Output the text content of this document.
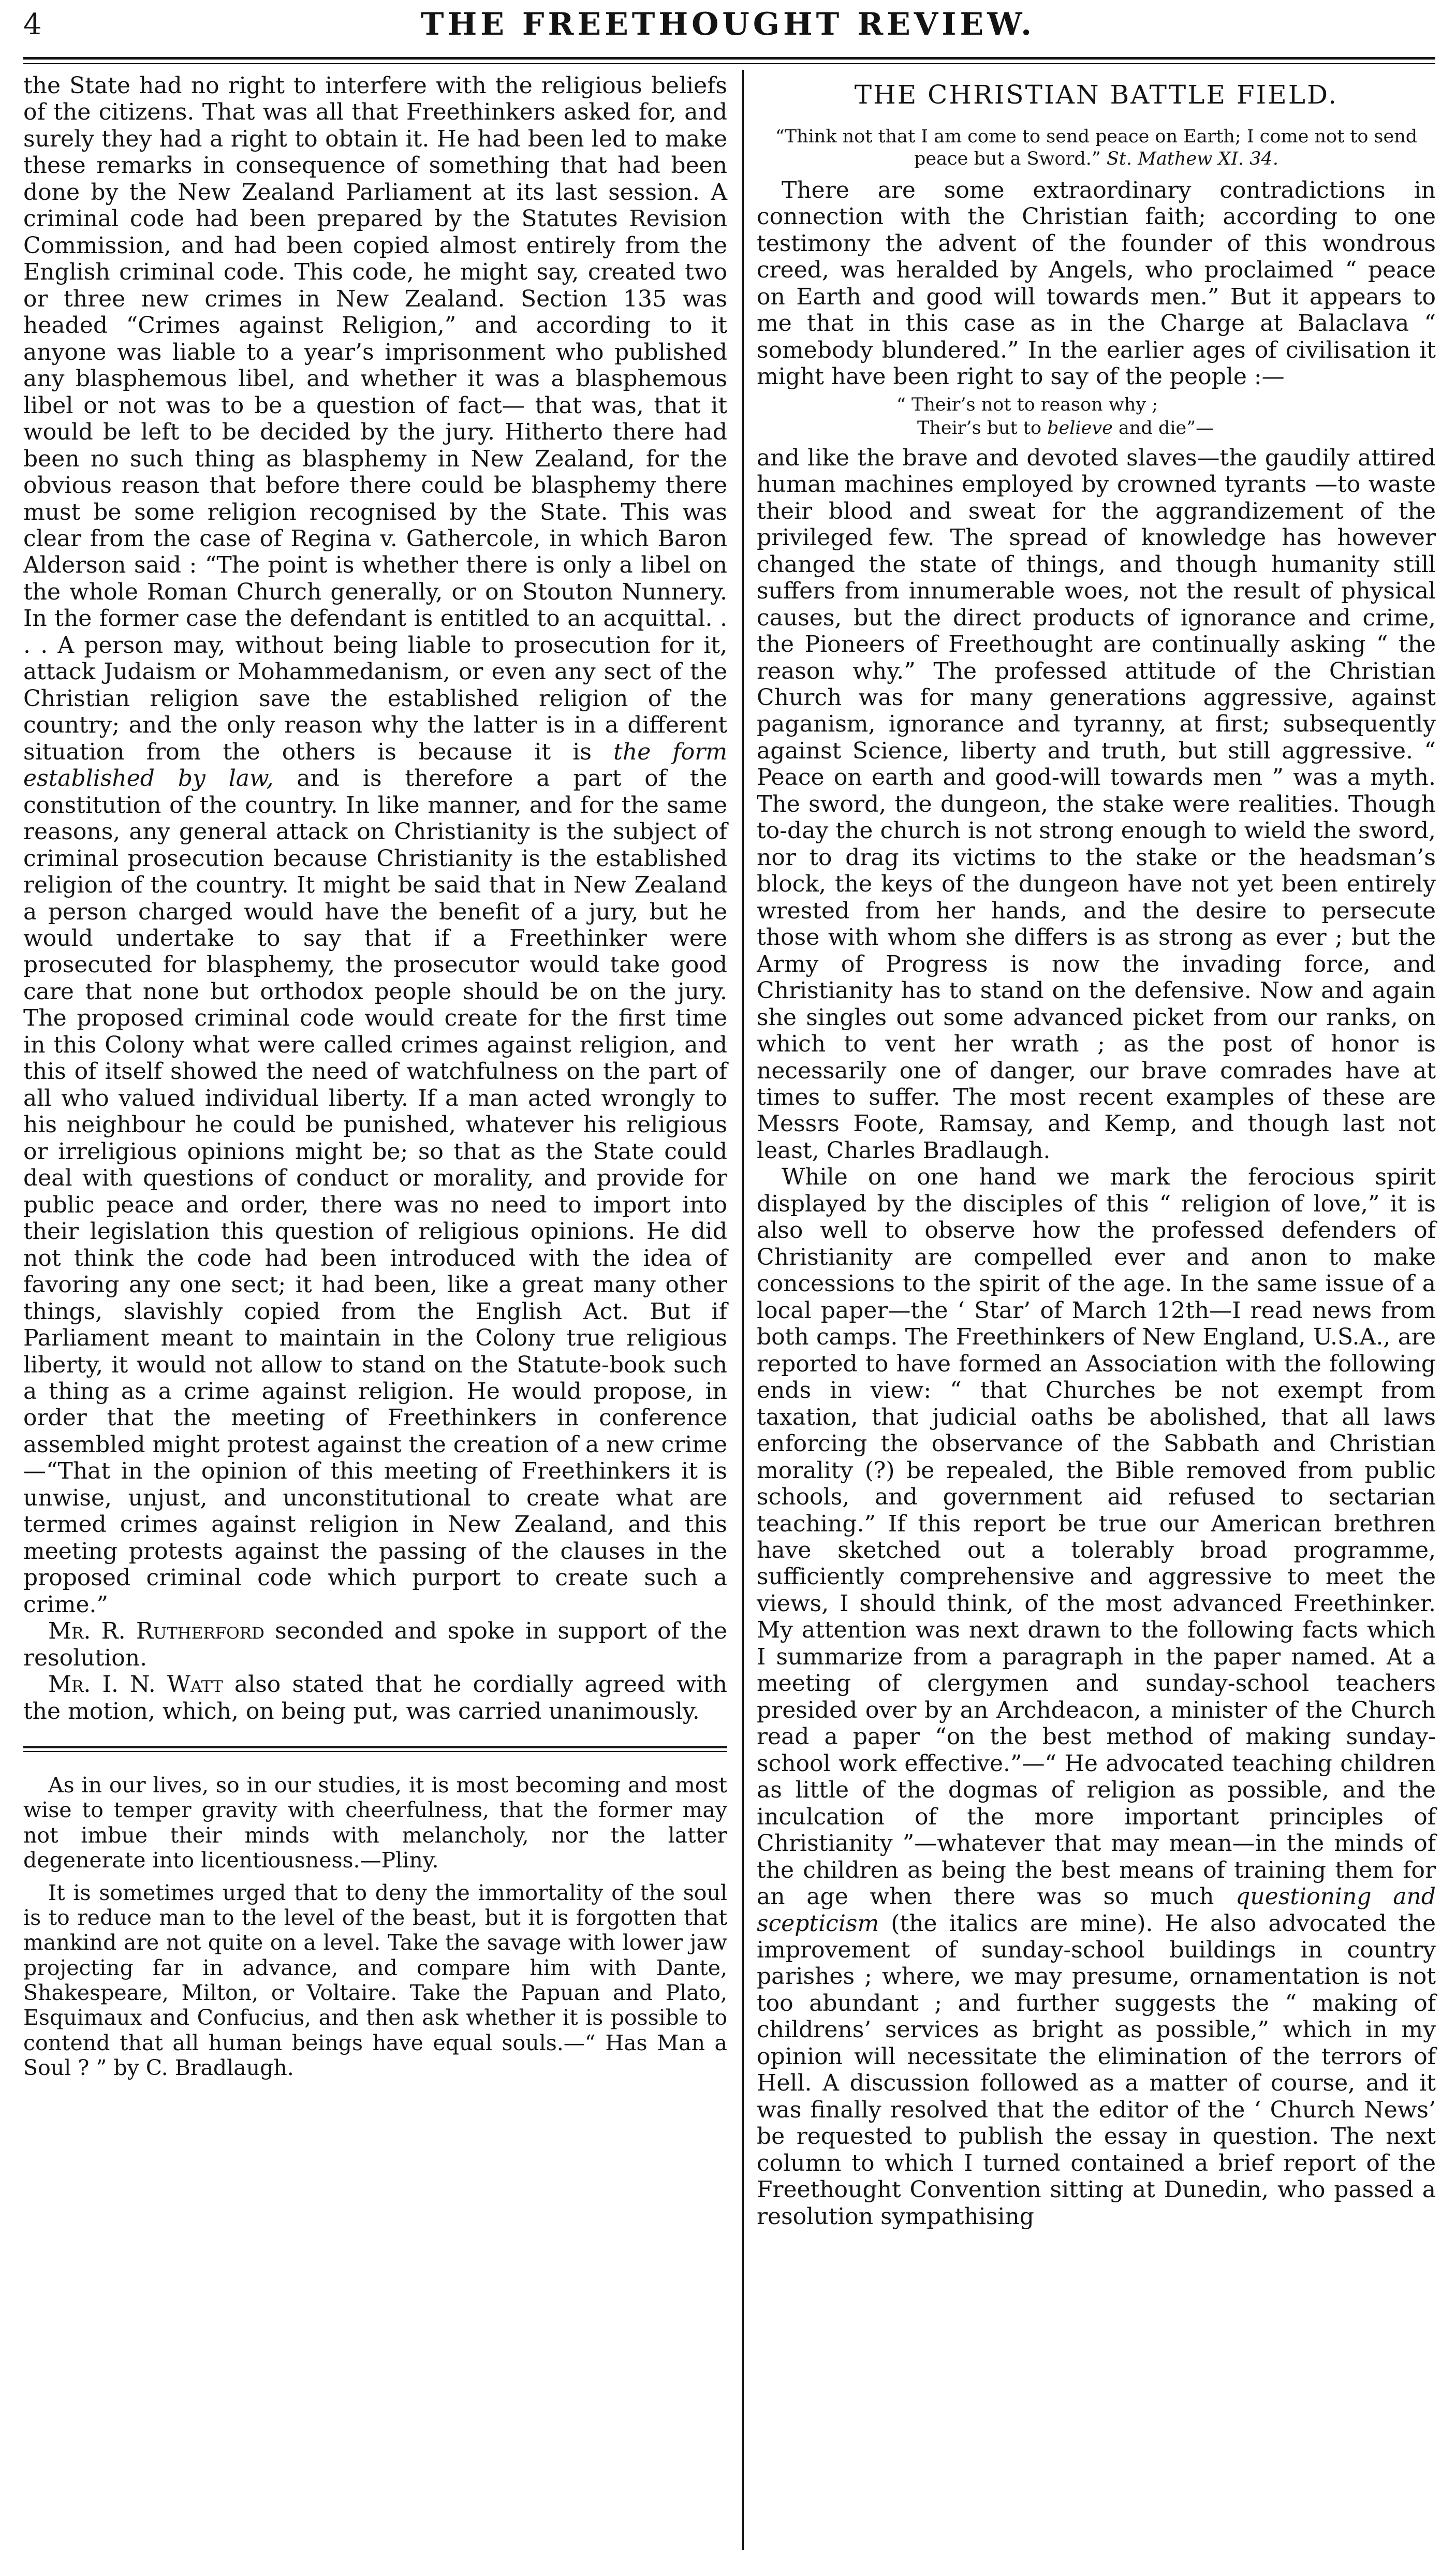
4	THE FREETHOUGHT REVIEW.

the State had no right to interfere with the religious beliefs of the citizens. That was all that Freethinkers asked for, and surely they had a right to obtain it. He had been led to make these remarks in consequence of something that had been done by the New Zealand Parliament at its last session. A criminal code had been prepared by the Statutes Revision Commission, and had been copied almost entirely from the English criminal code. This code, he might say, created two or three new crimes in New Zealand. Section 135 was headed “Crimes against Religion,” and according to it anyone was liable to a year’s imprisonment who published any blasphemous libel, and whether it was a blasphemous libel or not was to be a question of fact— that was, that it would be left to be decided by the jury. Hitherto there had been no such thing as blasphemy in New Zealand, for the obvious reason that before there could be blasphemy there must be some religion recognised by the State. This was clear from the case of Regina v. Gathercole, in which Baron Alderson said : “The point is whether there is only a libel on the whole Roman Church generally, or on Stouton Nunnery. In the former case the defendant is entitled to an acquittal. . . . A person may, without being liable to prosecution for it, attack Judaism or Mohammedanism, or even any sect of the Christian religion save the established religion of the country; and the only reason why the latter is in a different situation from the others is because it is the form established by law, and is therefore a part of the constitution of the country. In like manner, and for the same reasons, any general attack on Christianity is the subject of criminal prosecution because Christianity is the established religion of the country. It might be said that in New Zealand a person charged would have the benefit of a jury, but he would undertake to say that if a Freethinker were prosecuted for blasphemy, the prosecutor would take good care that none but orthodox people should be on the jury. The proposed criminal code would create for the first time in this Colony what were called crimes against religion, and this of itself showed the need of watchfulness on the part of all who valued individual liberty. If a man acted wrongly to his neighbour he could be punished, whatever his religious or irreligious opinions might be; so that as the State could deal with questions of conduct or morality, and provide for public peace and order, there was no need to import into their legislation this question of religious opinions. He did not think the code had been introduced with the idea of favoring any one sect; it had been, like a great many other things, slavishly copied from the English Act. But if Parliament meant to maintain in the Colony true religious liberty, it would not allow to stand on the Statute-book such a thing as a crime against religion. He would propose, in order that the meeting of Freethinkers in conference assembled might protest against the creation of a new crime—“That in the opinion of this meeting of Freethinkers it is unwise, unjust, and unconstitutional to create what are termed crimes against religion in New Zealand, and this meeting protests against the passing of the clauses in the proposed criminal code which purport to create such a crime.”

Mr. R. Rutherford seconded and spoke in support of the resolution.

Mr. I. N. Watt also stated that he cordially agreed with the motion, which, on being put, was carried unanimously.

As in our lives, so in our studies, it is most becoming and most wise to temper gravity with cheerfulness, that the former may not imbue their minds with melancholy, nor the latter degenerate into licentiousness.—Pliny.

It is sometimes urged that to deny the immortality of the soul is to reduce man to the level of the beast, but it is forgotten that mankind are not quite on a level. Take the savage with lower jaw projecting far in advance, and compare him with Dante, Shakespeare, Milton, or Voltaire. Take the Papuan and Plato, Esquimaux and Confucius, and then ask whether it is possible to contend that all human beings have equal souls.—“ Has Man a Soul ? ” by C. Bradlaugh.

THE CHRISTIAN BATTLE FIELD.

“Think not that I am come to send peace on Earth; I come not to send peace but a Sword.” St. Mathew XI. 34.

There are some extraordinary contradictions in connection with the Christian faith; according to one testimony the advent of the founder of this wondrous creed, was heralded by Angels, who proclaimed “ peace on Earth and good will towards men.” But it appears to me that in this case as in the Charge at Balaclava “ somebody blundered.” In the earlier ages of civilisation it might have been right to say of the people :—

“ Their’s not to reason why ;
Their’s but to believe and die”—

and like the brave and devoted slaves—the gaudily attired human machines employed by crowned tyrants —to waste their blood and sweat for the aggrandizement of the privileged few. The spread of knowledge has however changed the state of things, and though humanity still suffers from innumerable woes, not the result of physical causes, but the direct products of ignorance and crime, the Pioneers of Freethought are continually asking “ the reason why.” The professed attitude of the Christian Church was for many generations aggressive, against paganism, ignorance and tyranny, at first; subsequently against Science, liberty and truth, but still aggressive. “ Peace on earth and good-will towards men ” was a myth. The sword, the dungeon, the stake were realities. Though to-day the church is not strong enough to wield the sword, nor to drag its victims to the stake or the headsman’s block, the keys of the dungeon have not yet been entirely wrested from her hands, and the desire to persecute those with whom she differs is as strong as ever ; but the Army of Progress is now the invading force, and Christianity has to stand on the defensive. Now and again she singles out some advanced picket from our ranks, on which to vent her wrath ; as the post of honor is necessarily one of danger, our brave comrades have at times to suffer. The most recent examples of these are Messrs Foote, Ramsay, and Kemp, and though last not least, Charles Bradlaugh.

While on one hand we mark the ferocious spirit displayed by the disciples of this “ religion of love,” it is also well to observe how the professed defenders of Christianity are compelled ever and anon to make concessions to the spirit of the age. In the same issue of a local paper—the ‘ Star’ of March 12th—I read news from both camps. The Freethinkers of New England, U.S.A., are reported to have formed an Association with the following ends in view: “ that Churches be not exempt from taxation, that judicial oaths be abolished, that all laws enforcing the observance of the Sabbath and Christian morality (?) be repealed, the Bible removed from public schools, and government aid refused to sectarian teaching.” If this report be true our American brethren have sketched out a tolerably broad programme, sufficiently comprehensive and aggressive to meet the views, I should think, of the most advanced Freethinker. My attention was next drawn to the following facts which I summarize from a paragraph in the paper named. At a meeting of clergymen and sunday-school teachers presided over by an Archdeacon, a minister of the Church read a paper “on the best method of making sunday-school work effective.”—“ He advocated teaching children as little of the dogmas of religion as possible, and the inculcation of the more important principles of Christianity ”—whatever that may mean—in the minds of the children as being the best means of training them for an age when there was so much questioning and scepticism (the italics are mine). He also advocated the improvement of sunday-school buildings in country parishes ; where, we may presume, ornamentation is not too abundant ; and further suggests the “ making of childrens’ services as bright as possible,” which in my opinion will necessitate the elimination of the terrors of Hell. A discussion followed as a matter of course, and it was finally resolved that the editor of the ‘ Church News’ be requested to publish the essay in question. The next column to which I turned contained a brief report of the Freethought Convention sitting at Dunedin, who passed a resolution sympathising
